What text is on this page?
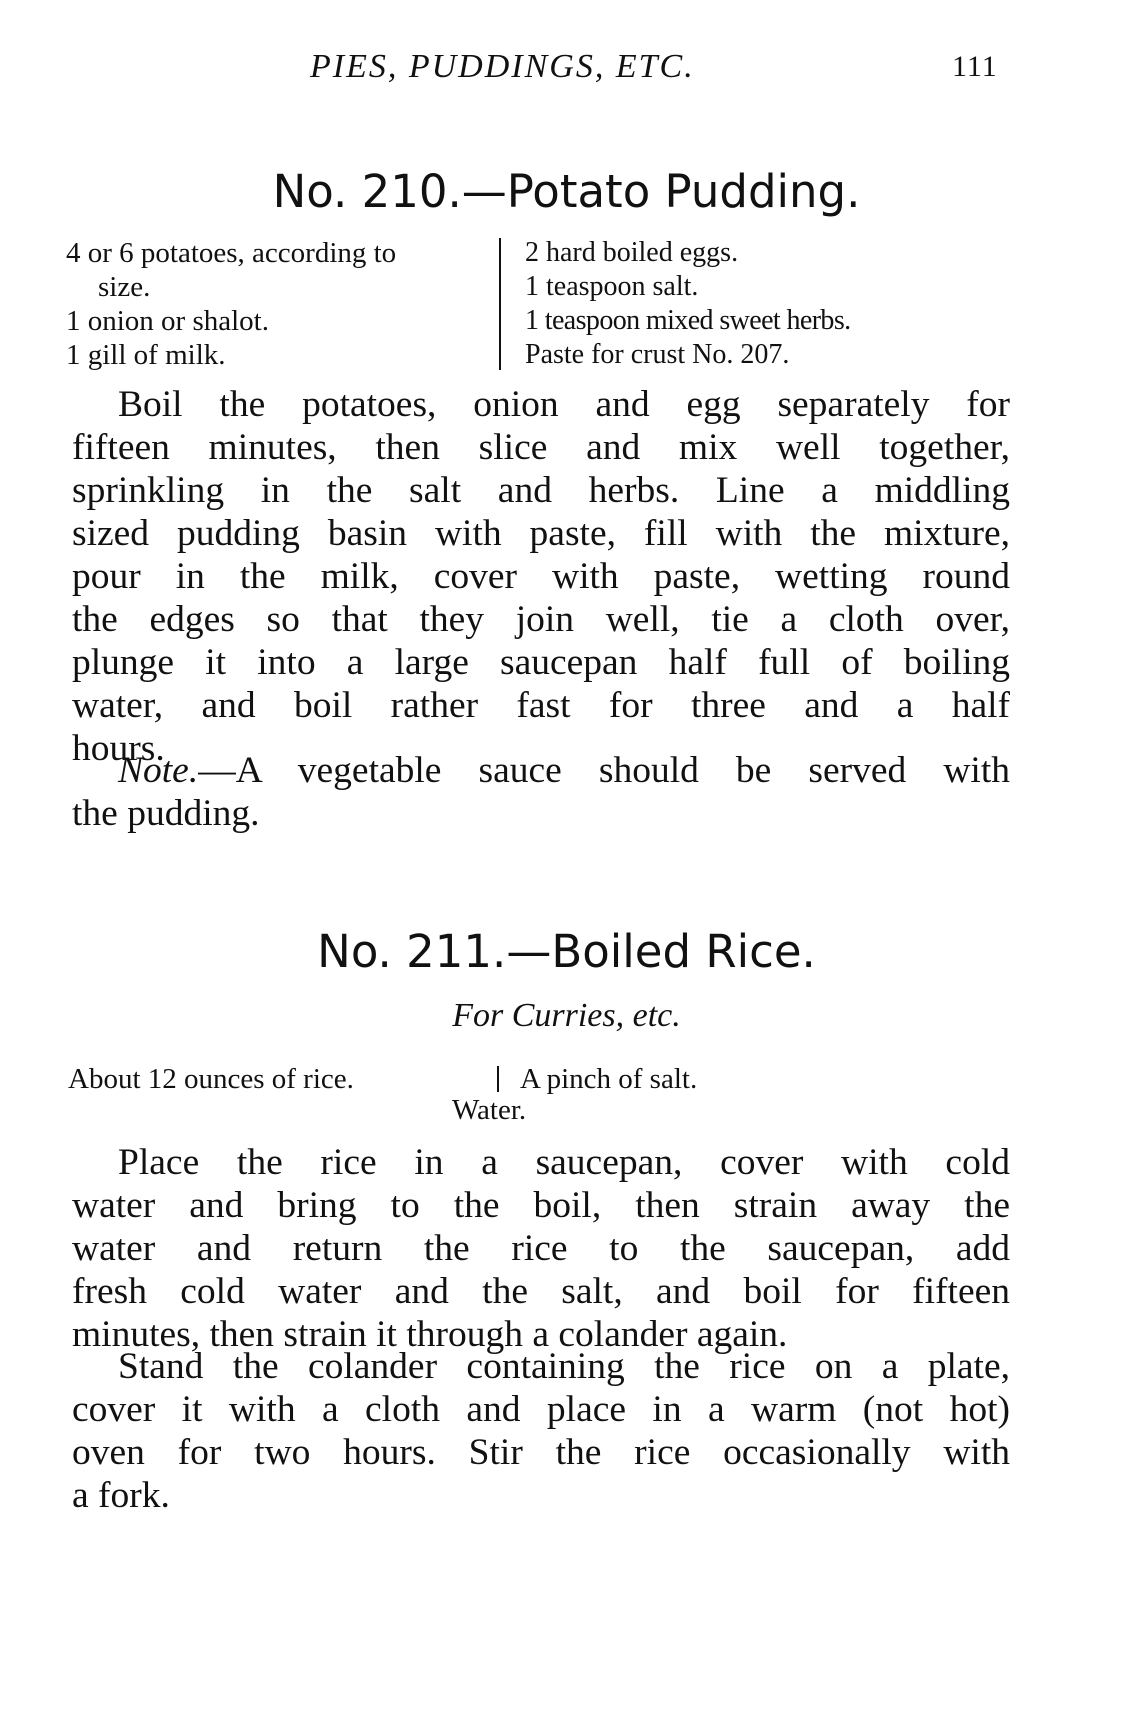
PIES, PUDDINGS, ETC.	111
No. 210.—Potato Pudding.
4 or 6 potatoes, according to
size.
1 onion or shalot.
1 gill of milk.
2 hard boiled eggs.
1 teaspoon salt.
1 teaspoon mixed sweet herbs.
Paste for crust No. 207.
Boil the potatoes, onion and egg separately for
fifteen minutes, then slice and mix well together,
sprinkling in the salt and herbs. Line a middling
sized pudding basin with paste, fill with the mixture,
pour in the milk, cover with paste, wetting round
the edges so that they join well, tie a cloth over,
plunge it into a large saucepan half full of boiling
water, and boil rather fast for three and a half
hours.
Note.—A vegetable sauce should be served with
the pudding.
No. 211.—Boiled Rice.
For Curries, etc.
About 12 ounces of rice.	A pinch of salt.
Water.
Place the rice in a saucepan, cover with cold
water and bring to the boil, then strain away the
water and return the rice to the saucepan, add
fresh cold water and the salt, and boil for fifteen
minutes, then strain it through a colander again.
Stand the colander containing the rice on a plate,
cover it with a cloth and place in a warm (not hot)
oven for two hours. Stir the rice occasionally with
a fork.
